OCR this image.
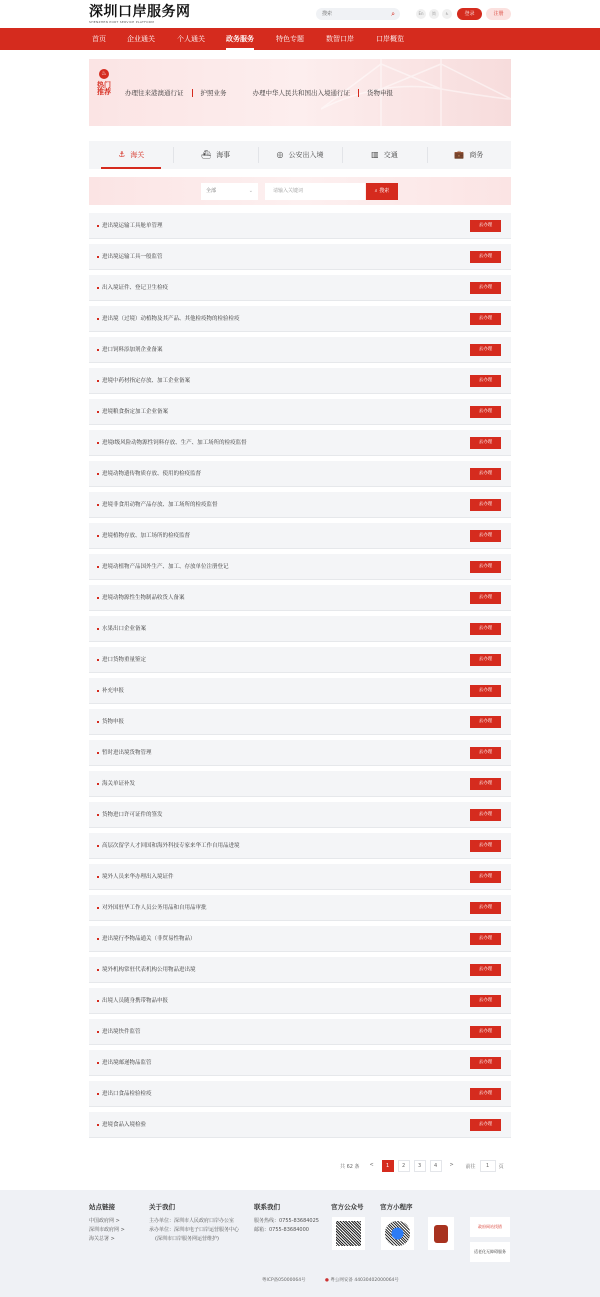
深圳口岸服务网
SHENZHEN PORT SERVICE PLATFORM
搜索	⌕	En	简	♿	登录	注册
首页	企业通关	个人通关	政务服务	特色专题	数智口岸	口岸概览
♨
热门推荐 办理往来港澳通行证	护照业务	办理中华人民共和国出入境通行证	货物申报
⚓ 海关	⛴ 海事	◎ 公安出入境	▥ 交通	💼 商务
全部	⌄	请输入关键词	⌕ 搜索
进出境运输工具舱单管理	去办理
进出境运输工具一般监管	去办理
出入境证件、登记卫生检疫	去办理
进出境（过境）动植物及其产品、其他检疫物的检验检疫	去办理
进口饲料添加剂企业备案	去办理
进境中药材指定存放、加工企业备案	去办理
进境粮食指定加工企业备案	去办理
进境Ⅰ级风险动物源性饲料存放、生产、加工场所的检疫监督	去办理
进境动物遗传物质存放、使用的检疫监督	去办理
进境非食用动物产品存放、加工场所的检疫监督	去办理
进境植物存放、加工场所的检疫监督	去办理
进境动植物产品国外生产、加工、存放单位注册登记	去办理
进境动物源性生物制品收货人备案	去办理
水果出口企业备案	去办理
进口货物重量鉴定	去办理
补充申报	去办理
货物申报	去办理
暂时进出境货物管理	去办理
海关单证补发	去办理
货物进口许可证件的签发	去办理
高层次留学人才回国和海外科技专家来华工作自用品进境	去办理
境外人员来华办理出入境证件	去办理
对外国驻华工作人员公务用品和自用品审批	去办理
进出境行李物品通关（非贸易性物品）	去办理
境外机构常驻代表机构公用物品进出境	去办理
出境人员随身携带物品申报	去办理
进出境快件监管	去办理
进出境邮递物品监管	去办理
进出口食品检验检疫	去办理
进境食品入境检验	去办理
共 62 条	<	1	2	3	4	>	前往	1	页
站点链接
中国政府网 >
深圳市政府网 >
海关总署 >
关于我们
主办单位：深圳市人民政府口岸办公室
承办单位：深圳市电子口岸运营服务中心
(深圳市口岸服务网运营维护)
联系我们
服务热线：0755-83684025
邮箱：0755-83684000
官方公众号	官方小程序
政府网站找错
适老化无障碍服务
粤ICP备05000064号	● 粤公网安备 44030402000064号
